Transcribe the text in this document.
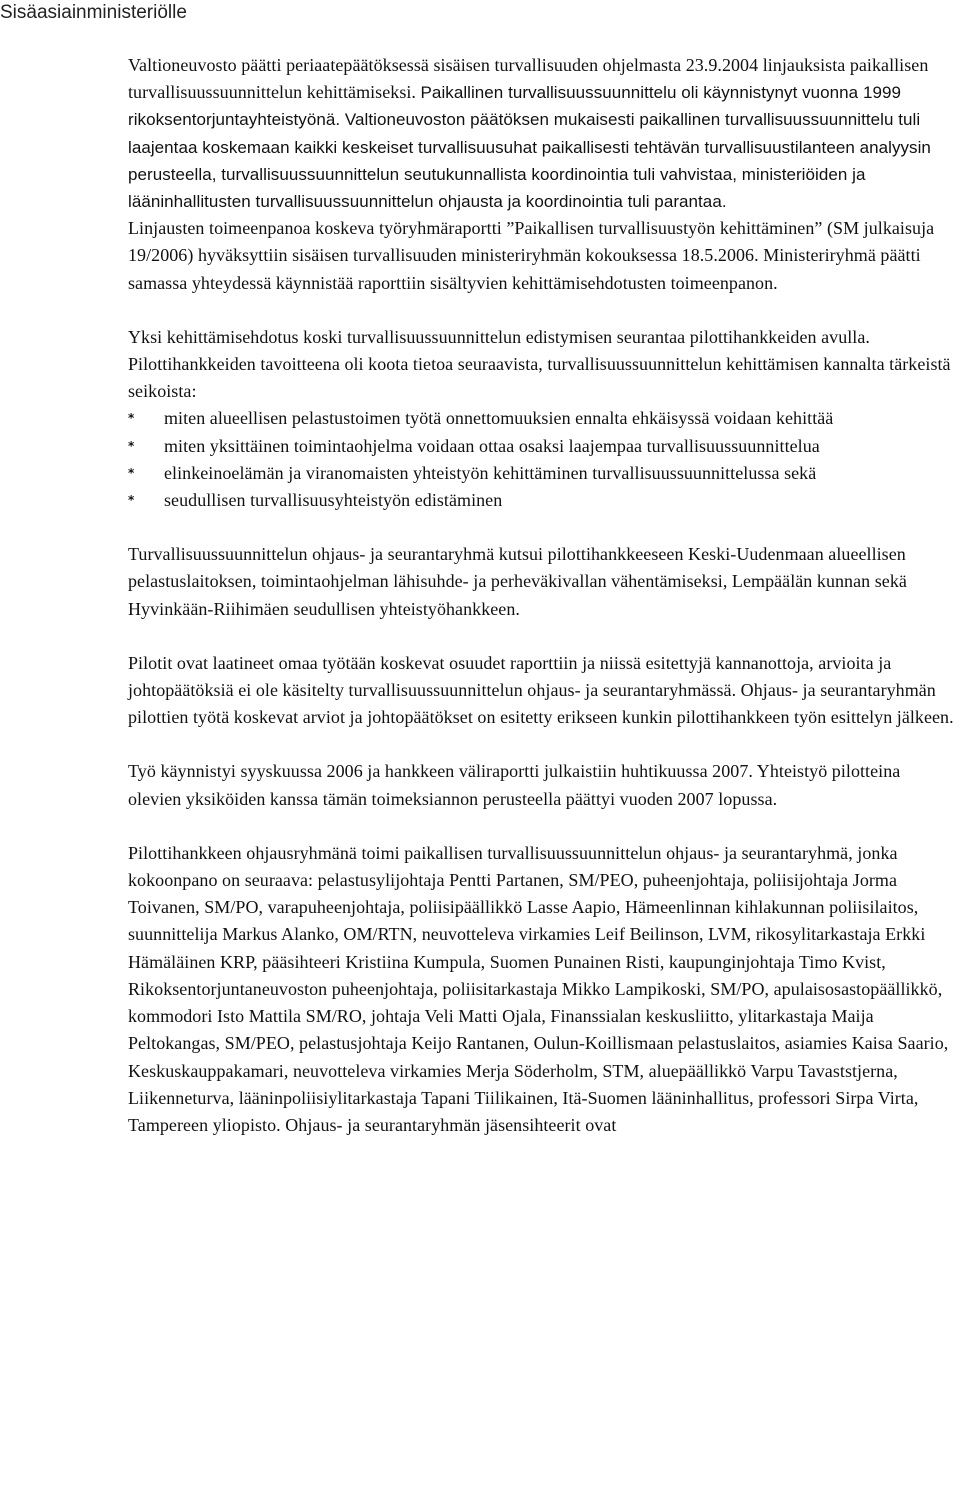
Sisäasiainministeriölle

Valtioneuvosto päätti periaatepäätöksessä sisäisen turvallisuuden ohjelmasta 23.9.2004 linjauksista paikallisen turvallisuussuunnittelun kehittämiseksi. Paikallinen turvallisuussuunnittelu oli käynnistynyt vuonna 1999 rikoksentorjuntayhteistyönä. Valtioneuvoston päätöksen mukaisesti paikallinen turvallisuussuunnittelu tuli laajentaa koskemaan kaikki keskeiset turvallisuusuhat paikallisesti tehtävän turvallisuustilanteen analyysin perusteella, turvallisuussuunnittelun seutukunnallista koordinointia tuli vahvistaa, ministeriöiden ja lääninhallitusten turvallisuussuunnittelun ohjausta ja koordinointia tuli parantaa.

Linjausten toimeenpanoa koskeva työryhmäraportti ”Paikallisen turvallisuustyön kehittäminen” (SM julkaisuja 19/2006) hyväksyttiin sisäisen turvallisuuden ministeriryhmän kokouksessa 18.5.2006. Ministeriryhmä päätti samassa yhteydessä käynnistää raporttiin sisältyvien kehittämisehdotusten toimeenpanon.

Yksi kehittämisehdotus koski turvallisuussuunnittelun edistymisen seurantaa pilottihankkeiden avulla. Pilottihankkeiden tavoitteena oli koota tietoa seuraavista, turvallisuussuunnittelun kehittämisen kannalta tärkeistä seikoista:

* miten alueellisen pelastustoimen työtä onnettomuuksien ennalta ehkäisyssä voidaan kehittää
* miten yksittäinen toimintaohjelma voidaan ottaa osaksi laajempaa turvallisuussuunnittelua
* elinkeinoelämän ja viranomaisten yhteistyön kehittäminen turvallisuussuunnittelussa sekä
* seudullisen turvallisuusyhteistyön edistäminen

Turvallisuussuunnittelun ohjaus- ja seurantaryhmä kutsui pilottihankkeeseen Keski-Uudenmaan alueellisen pelastuslaitoksen, toimintaohjelman lähisuhde- ja perheväkivallan vähentämiseksi, Lempäälän kunnan sekä Hyvinkään-Riihimäen seudullisen yhteistyöhankkeen.

Pilotit ovat laatineet omaa työtään koskevat osuudet raporttiin ja niissä esitettyjä kannanottoja, arvioita ja johtopäätöksiä ei ole käsitelty turvallisuussuunnittelun ohjaus- ja seurantaryhmässä. Ohjaus- ja seurantaryhmän pilottien työtä koskevat arviot ja johtopäätökset on esitetty erikseen kunkin pilottihankkeen työn esittelyn jälkeen.

Työ käynnistyi syyskuussa 2006 ja hankkeen väliraportti julkaistiin huhtikuussa 2007. Yhteistyö pilotteina olevien yksiköiden kanssa tämän toimeksiannon perusteella päättyi vuoden 2007 lopussa.

Pilottihankkeen ohjausryhmänä toimi paikallisen turvallisuussuunnittelun ohjaus- ja seurantaryhmä, jonka kokoonpano on seuraava: pelastusylijohtaja Pentti Partanen, SM/PEO, puheenjohtaja, poliisijohtaja Jorma Toivanen, SM/PO, varapuheenjohtaja, poliisipäällikkö Lasse Aapio, Hämeenlinnan kihlakunnan poliisilaitos, suunnittelija Markus Alanko, OM/RTN, neuvotteleva virkamies Leif Beilinson, LVM, rikosylitarkastaja Erkki Hämäläinen KRP, pääsihteeri Kristiina Kumpula, Suomen Punainen Risti, kaupunginjohtaja Timo Kvist, Rikoksentorjuntaneuvoston puheenjohtaja, poliisitarkastaja Mikko Lampikoski, SM/PO, apulaisosastopäällikkö, kommodori Isto Mattila SM/RO, johtaja Veli Matti Ojala, Finanssialan keskusliitto, ylitarkastaja Maija Peltokangas, SM/PEO, pelastusjohtaja Keijo Rantanen, Oulun-Koillismaan pelastuslaitos, asiamies Kaisa Saario, Keskuskauppakamari, neuvotteleva virkamies Merja Söderholm, STM, aluepäällikkö Varpu Tavaststjerna, Liikenneturva, lääninpoliisiylitarkastaja Tapani Tiilikainen, Itä-Suomen lääninhallitus, professori Sirpa Virta, Tampereen yliopisto. Ohjaus- ja seurantaryhmän jäsensihteerit ovat
